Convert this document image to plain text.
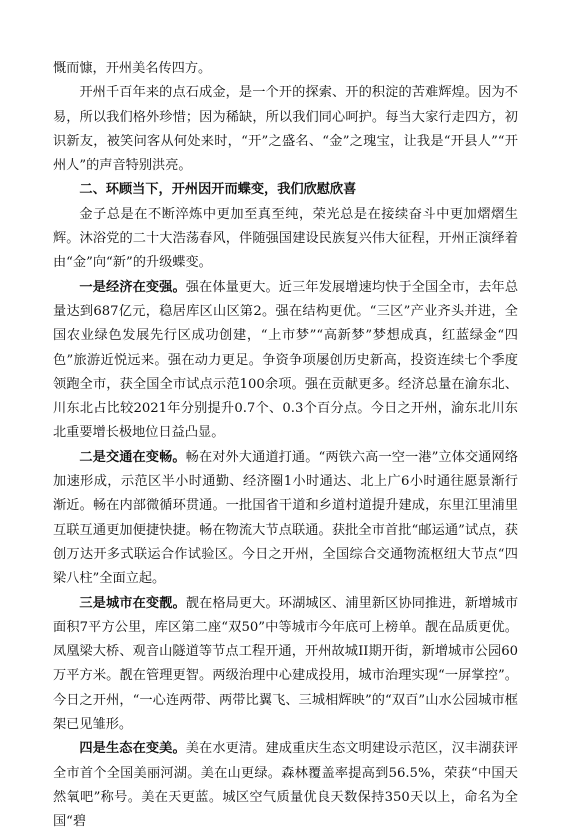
慨而慷，开州美名传四方。

开州千百年来的点石成金，是一个开的探索、开的积淀的苦难辉煌。因为不易，所以我们格外珍惜；因为稀缺，所以我们同心呵护。每当大家行走四方，初识新友，被笑问客从何处来时，“开”之盛名、“金”之瑰宝，让我是“开县人”“开州人”的声音特别洪亮。

二、环顾当下，开州因开而蝶变，我们欣慰欣喜

金子总是在不断淬炼中更加至真至纯，荣光总是在接续奋斗中更加熠熠生辉。沐浴党的二十大浩荡春风，伴随强国建设民族复兴伟大征程，开州正演绎着由“金”向“新”的升级蝶变。

一是经济在变强。强在体量更大。近三年发展增速均快于全国全市，去年总量达到687亿元，稳居库区山区第2。强在结构更优。“三区”产业齐头并进，全国农业绿色发展先行区成功创建，“上市梦”“高新梦”梦想成真，红蓝绿金“四色”旅游近悦远来。强在动力更足。争资争项屡创历史新高，投资连续七个季度领跑全市，获全国全市试点示范100余项。强在贡献更多。经济总量在渝东北、川东北占比较2021年分别提升0.7个、0.3个百分点。今日之开州，渝东北川东北重要增长极地位日益凸显。

二是交通在变畅。畅在对外大通道打通。“两铁六高一空一港”立体交通网络加速形成，示范区半小时通勤、经济圈1小时通达、北上广6小时通往愿景渐行渐近。畅在内部微循环贯通。一批国省干道和乡道村道提升建成，东里江里浦里互联互通更加便捷快捷。畅在物流大节点联通。获批全市首批“邮运通”试点，获创万达开多式联运合作试验区。今日之开州，全国综合交通物流枢纽大节点“四梁八柱”全面立起。

三是城市在变靓。靓在格局更大。环湖城区、浦里新区协同推进，新增城市面积7平方公里，库区第二座“双50”中等城市今年底可上榜单。靓在品质更优。凤凰梁大桥、观音山隧道等节点工程开通，开州故城II期开街，新增城市公园60万平方米。靓在管理更智。两级治理中心建成投用，城市治理实现“一屏掌控”。今日之开州，“一心连两带、两带比翼飞、三城相辉映”的“双百”山水公园城市框架已见雏形。

四是生态在变美。美在水更清。建成重庆生态文明建设示范区，汉丰湖获评全市首个全国美丽河湖。美在山更绿。森林覆盖率提高到56.5%，荣获“中国天然氧吧”称号。美在天更蓝。城区空气质量优良天数保持350天以上，命名为全国“碧
